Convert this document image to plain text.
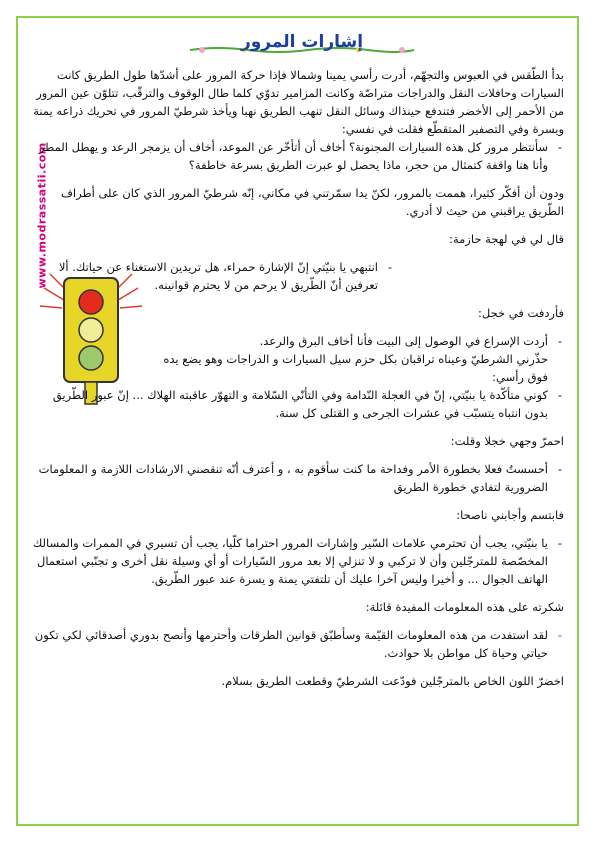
www.modrassatii.com
إشارات المرور

بدأ الطّقس في العبوس والتجهّم، أدرت رأسي يمينا وشمالا فإذا حركة المرور على أشدّها طول الطريق كانت السيارات وحافلات النقل والدراجات متراصّة وكانت المزامير تدوّي كلما طال الوقوف والترقّب، تتلوّن عين المرور من الأحمر إلى الأخضر فتندفع حينذاك وسائل النقل تنهب الطريق نهبا ويأخذ شرطيّ المرور في تحريك ذراعه يمنة ويسرة وفي التصفير المتقطّع فقلت في نفسي:

- سأنتظر مرور كل هذه السيارات المجنونة؟ أخاف أن أتأخّر عن الموعد، أخاف أن يزمجر الرعد و يهطل المطر وأنا هنا واقفة كتمثال من حجر، ماذا يحصل لو عبرت الطريق بسرعة خاطفة؟

ودون أن أفكّر كثيرا، هممت بالمرور، لكنّ يدا سمّرتني في مكاني، إنّه شرطيّ المرور الذي كان على أطراف الطّريق يراقبني من حيث لا أدري.

قال لي في لهجة حازمة:

- انتبهي يا بنيّتي إنّ الإشارة حمراء، هل تريدين الاستغناء عن حياتك. ألا تعرفين أنّ الطّريق لا يرحم من لا يحترم قوانينه.

فأردفت في خجل:

- أردت الإسراع في الوصول إلى البيت فأنا أخاف البرق والرعد.

حذّرني الشرطيّ وعيناه تراقبان بكل حزم سيل السيارات و الدراجات وهو يضع يده فوق رأسي:

- كوني متأكّدة يا بنيّتي، إنّ في العجلة النّدامة وفي التأنّي السّلامة و التهوّر عاقبته الهلاك ... إنّ عبور الطّريق بدون انتباه يتسبّب في عشرات الجرحى و القتلى كل سنة.

احمرّ وجهي خجلا وقلت:

- أحسستُ فعلا بخطورة الأمر وفداحة ما كنت سأقوم به ، و أعترف أنّه تنقصني الارشادات اللازمة و المعلومات الضرورية لتفادي خطورة الطريق

فابتسم وأجابني ناصحا:

- يا بنيّتي، يجب أن تحترمي علامات السّير وإشارات المرور احتراما كلّيا، يجب أن تسيري في الممرات والمسالك المخصّصة للمترجّلين وأن لا تركبي و لا تنزلي إلا بعد مرور السّيارات أو أي وسيلة نقل أخرى و تجنّبي استعمال الهاتف الجوال ... و أخيرا وليس آخرا عليك أن تلتفتي يمنة و يسرة عند عبور الطّريق.

شكرته على هذه المعلومات المفيدة قائلة:

- لقد استفدت من هذه المعلومات القيّمة وسأطبّق قوانين الطرقات وأحترمها وأنصح بدوري أصدقائي لكي تكون حياتي وحياة كل مواطن بلا حوادث.

اخضرّ اللون الخاص بالمترجّلين فودّعت الشرطيّ وقطعت الطريق بسلام.
